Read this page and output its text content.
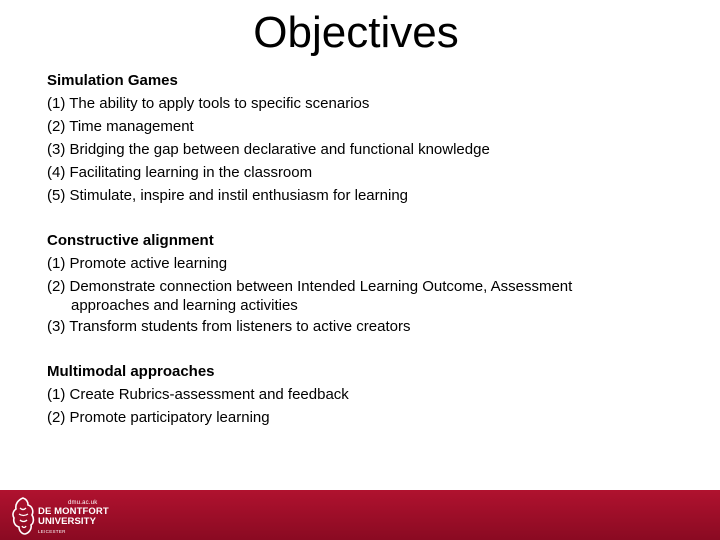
Objectives
Simulation Games
(1) The ability to apply tools to specific scenarios
(2) Time management
(3) Bridging the gap between declarative and functional knowledge
(4) Facilitating learning in the classroom
(5) Stimulate, inspire and instil enthusiasm for learning
Constructive alignment
(1) Promote active learning
(2) Demonstrate connection between Intended Learning Outcome, Assessment
approaches and learning activities
(3) Transform students from listeners to active creators
Multimodal approaches
(1) Create Rubrics-assessment and feedback
(2) Promote participatory learning
dmu.ac.uk
DE MONTFORT
UNIVERSITY
LEICESTER
